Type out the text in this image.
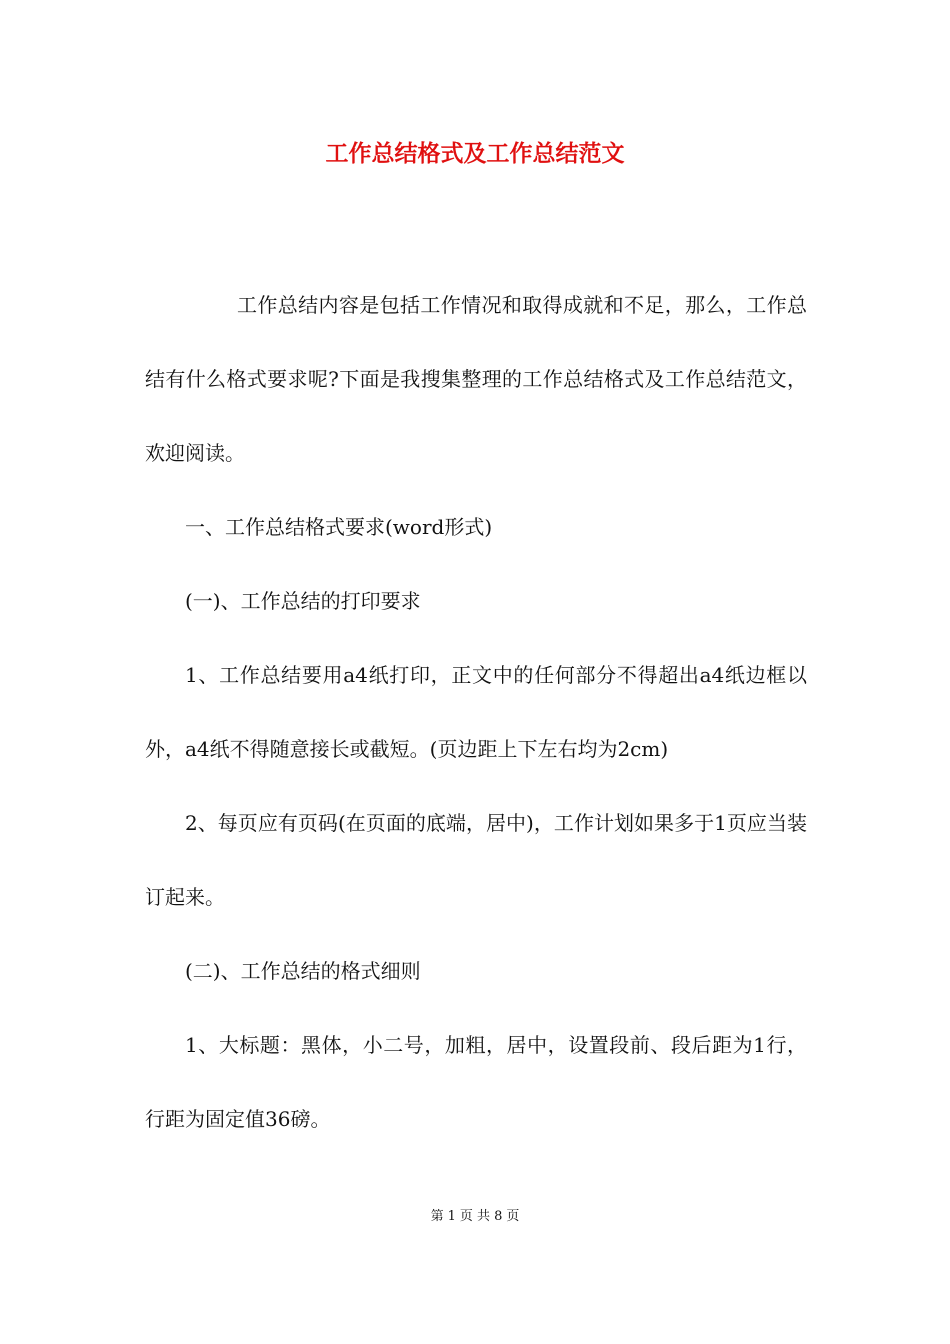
工作总结格式及工作总结范文

工作总结内容是包括工作情况和取得成就和不足，那么，工作总结有什么格式要求呢?下面是我搜集整理的工作总结格式及工作总结范文，欢迎阅读。

一、工作总结格式要求(word形式)

(一)、工作总结的打印要求

1、工作总结要用a4纸打印，正文中的任何部分不得超出a4纸边框以外，a4纸不得随意接长或截短。(页边距上下左右均为2cm)

2、每页应有页码(在页面的底端，居中)，工作计划如果多于1页应当装订起来。

(二)、工作总结的格式细则

1、大标题：黑体，小二号，加粗，居中，设置段前、段后距为1行，行距为固定值36磅。

第 1 页 共 8 页
